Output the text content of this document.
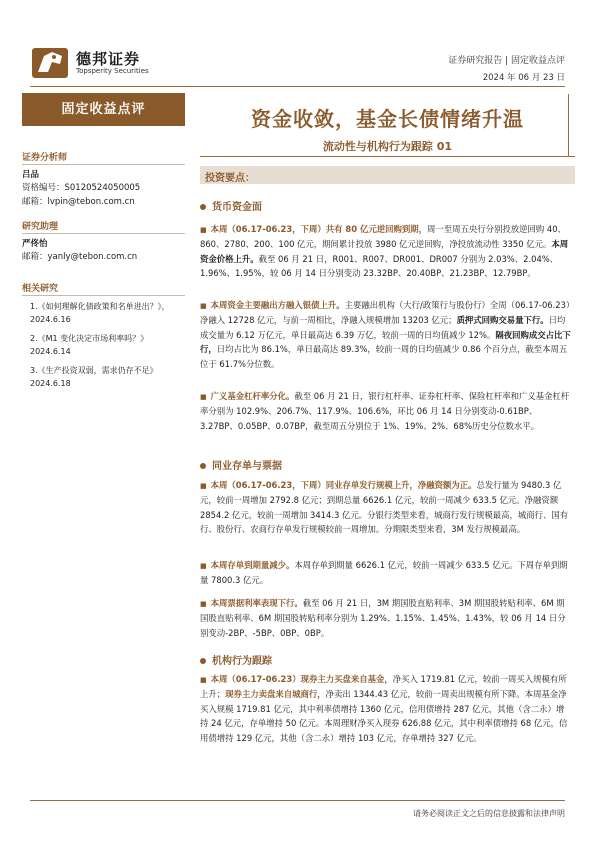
德邦证券
Topsperity Securities
证券研究报告 | 固定收益点评
2024 年 06 月 23 日
固定收益点评
证券分析师
吕品
资格编号：S0120524050005
邮箱：lvpin@tebon.com.cn
研究助理
严佟怡
邮箱：yanly@tebon.com.cn
相关研究
1.《如何理解化债政策和名单进出？》，2024.6.16
2.《M1 变化决定市场利率吗？》 2024.6.14
3.《生产投资双弱，需求仍存不足》 2024.6.18
资金收敛，基金长债情绪升温
流动性与机构行为跟踪 01
投资要点：
货币资金面
■ 本周（06.17-06.23，下周）共有 80 亿元逆回购到期，周一至周五央行分别投放逆回购 40、860、2780、200、100 亿元，期间累计投放 3980 亿元逆回购，净投放流动性 3350 亿元。本周资金价格上升。截至 06 月 21 日，R001、R007、DR001、DR007 分别为 2.03%、2.04%、1.96%、1.95%，较 06 月 14 日分别变动 23.32BP、20.40BP、21.23BP、12.79BP。
■ 本周资金主要融出方融入银债上升。主要融出机构（大行/政策行与股份行）全周（06.17-06.23）净融入 12728 亿元，与前一周相比，净融入规模增加 13203 亿元；质押式回购交易量下行。日均成交量为 6.12 万亿元，单日最高达 6.39 万亿，较前一周的日均值减少 12%。隔夜回购成交占比下行，日均占比为 86.1%，单日最高达 89.3%，较前一周的日均值减少 0.86 个百分点，截至本周五位于 61.7%分位数。
■ 广义基金杠杆率分化。截至 06 月 21 日，银行杠杆率、证券杠杆率、保险杠杆率和广义基金杠杆率分别为 102.9%、206.7%、117.9%、106.6%，环比 06 月 14 日分别变动-0.61BP、3.27BP、0.05BP、0.07BP，截至周五分别位于 1%、19%、2%、68%历史分位数水平。
同业存单与票据
■ 本周（06.17-06.23，下周）同业存单发行规模上升，净融资额为正。总发行量为 9480.3 亿元，较前一周增加 2792.8 亿元；到期总量 6626.1 亿元，较前一周减少 633.5 亿元。净融资额 2854.2 亿元，较前一周增加 3414.3 亿元。分银行类型来看，城商行发行规模最高，城商行、国有行、股份行、农商行存单发行规模较前一周增加。分期限类型来看，3M 发行规模最高。
■ 本周存单到期量减少。本周存单到期量 6626.1 亿元，较前一周减少 633.5 亿元。下周存单到期量 7800.3 亿元。
■ 本周票据利率表现下行。截至 06 月 21 日，3M 期国股直贴利率、3M 期国股转贴利率、6M 期国股直贴利率、6M 期国股转贴利率分别为 1.29%、1.15%、1.45%、1.43%，较 06 月 14 日分别变动-2BP、-5BP、0BP、0BP。
机构行为跟踪
■ 本周（06.17-06.23）现券主力买盘来自基金，净买入 1719.81 亿元，较前一周买入规模有所上升；现券主力卖盘来自城商行，净卖出 1344.43 亿元，较前一周卖出规模有所下降。本周基金净买入规模 1719.81 亿元，其中利率债增持 1360 亿元，信用债增持 287 亿元，其他（含二永）增持 24 亿元，存单增持 50 亿元。本周理财净买入现券 626.88 亿元，其中利率债增持 68 亿元，信用债增持 129 亿元，其他（含二永）增持 103 亿元，存单增持 327 亿元。
请务必阅读正文之后的信息披露和法律声明
